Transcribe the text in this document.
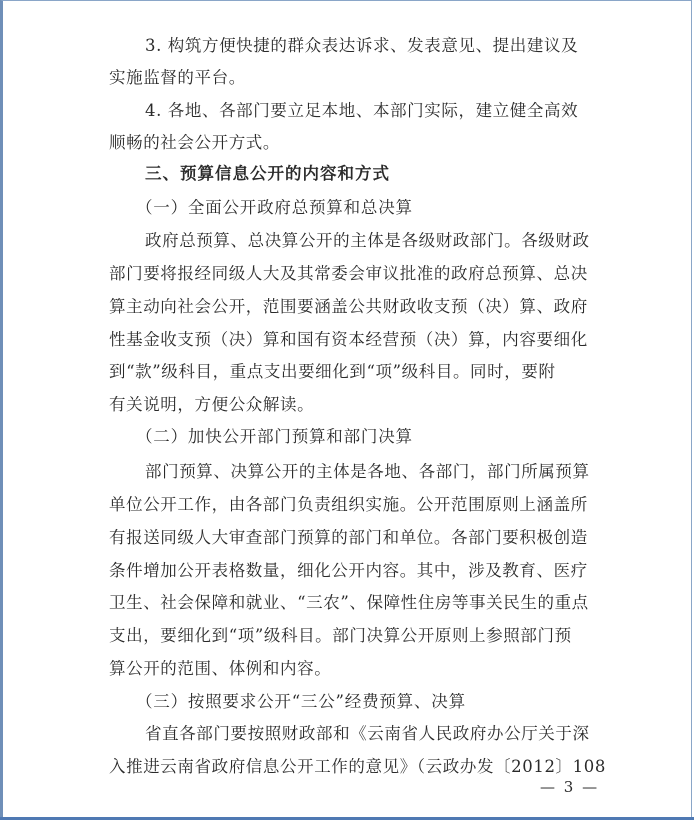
3. 构筑方便快捷的群众表达诉求、发表意见、提出建议及
实施监督的平台。
4. 各地、各部门要立足本地、本部门实际，建立健全高效
顺畅的社会公开方式。
三、预算信息公开的内容和方式
（一）全面公开政府总预算和总决算
政府总预算、总决算公开的主体是各级财政部门。各级财政
部门要将报经同级人大及其常委会审议批准的政府总预算、总决
算主动向社会公开，范围要涵盖公共财政收支预（决）算、政府
性基金收支预（决）算和国有资本经营预（决）算，内容要细化
到“款”级科目，重点支出要细化到“项”级科目。同时，要附
有关说明，方便公众解读。
（二）加快公开部门预算和部门决算
部门预算、决算公开的主体是各地、各部门，部门所属预算
单位公开工作，由各部门负责组织实施。公开范围原则上涵盖所
有报送同级人大审查部门预算的部门和单位。各部门要积极创造
条件增加公开表格数量，细化公开内容。其中，涉及教育、医疗
卫生、社会保障和就业、“三农”、保障性住房等事关民生的重点
支出，要细化到“项”级科目。部门决算公开原则上参照部门预
算公开的范围、体例和内容。
（三）按照要求公开“三公”经费预算、决算
省直各部门要按照财政部和《云南省人民政府办公厅关于深
入推进云南省政府信息公开工作的意见》（云政办发〔2012〕108
— 3 —
